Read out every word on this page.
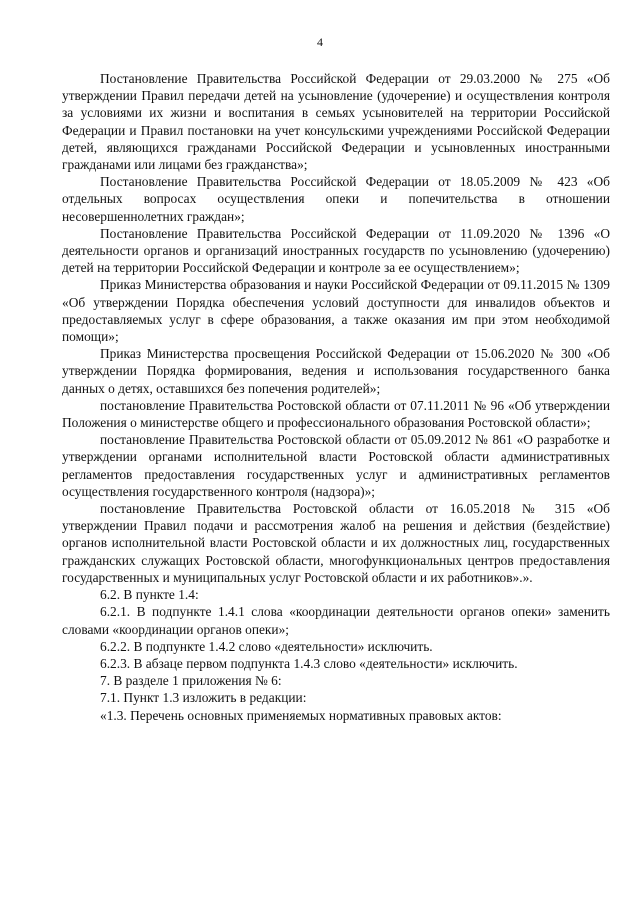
4

Постановление Правительства Российской Федерации от 29.03.2000 № 275 «Об утверждении Правил передачи детей на усыновление (удочерение) и осуществления контроля за условиями их жизни и воспитания в семьях усыновителей на территории Российской Федерации и Правил постановки на учет консульскими учреждениями Российской Федерации детей, являющихся гражданами Российской Федерации и усыновленных иностранными гражданами или лицами без гражданства»;

Постановление Правительства Российской Федерации от 18.05.2009 № 423 «Об отдельных вопросах осуществления опеки и попечительства в отношении несовершеннолетних граждан»;

Постановление Правительства Российской Федерации от 11.09.2020 № 1396 «О деятельности органов и организаций иностранных государств по усыновлению (удочерению) детей на территории Российской Федерации и контроле за ее осуществлением»;

Приказ Министерства образования и науки Российской Федерации от 09.11.2015 № 1309 «Об утверждении Порядка обеспечения условий доступности для инвалидов объектов и предоставляемых услуг в сфере образования, а также оказания им при этом необходимой помощи»;

Приказ Министерства просвещения Российской Федерации от 15.06.2020 № 300 «Об утверждении Порядка формирования, ведения и использования государственного банка данных о детях, оставшихся без попечения родителей»;

постановление Правительства Ростовской области от 07.11.2011 № 96 «Об утверждении Положения о министерстве общего и профессионального образования Ростовской области»;

постановление Правительства Ростовской области от 05.09.2012 № 861 «О разработке и утверждении органами исполнительной власти Ростовской области административных регламентов предоставления государственных услуг и административных регламентов осуществления государственного контроля (надзора)»;

постановление Правительства Ростовской области от 16.05.2018 № 315 «Об утверждении Правил подачи и рассмотрения жалоб на решения и действия (бездействие) органов исполнительной власти Ростовской области и их должностных лиц, государственных гражданских служащих Ростовской области, многофункциональных центров предоставления государственных и муниципальных услуг Ростовской области и их работников».».

6.2. В пункте 1.4:

6.2.1. В подпункте 1.4.1 слова «координации деятельности органов опеки» заменить словами «координации органов опеки»;

6.2.2. В подпункте 1.4.2 слово «деятельности» исключить.

6.2.3. В абзаце первом подпункта 1.4.3 слово «деятельности» исключить.

7. В разделе 1 приложения № 6:

7.1. Пункт 1.3 изложить в редакции:

«1.3. Перечень основных применяемых нормативных правовых актов:
